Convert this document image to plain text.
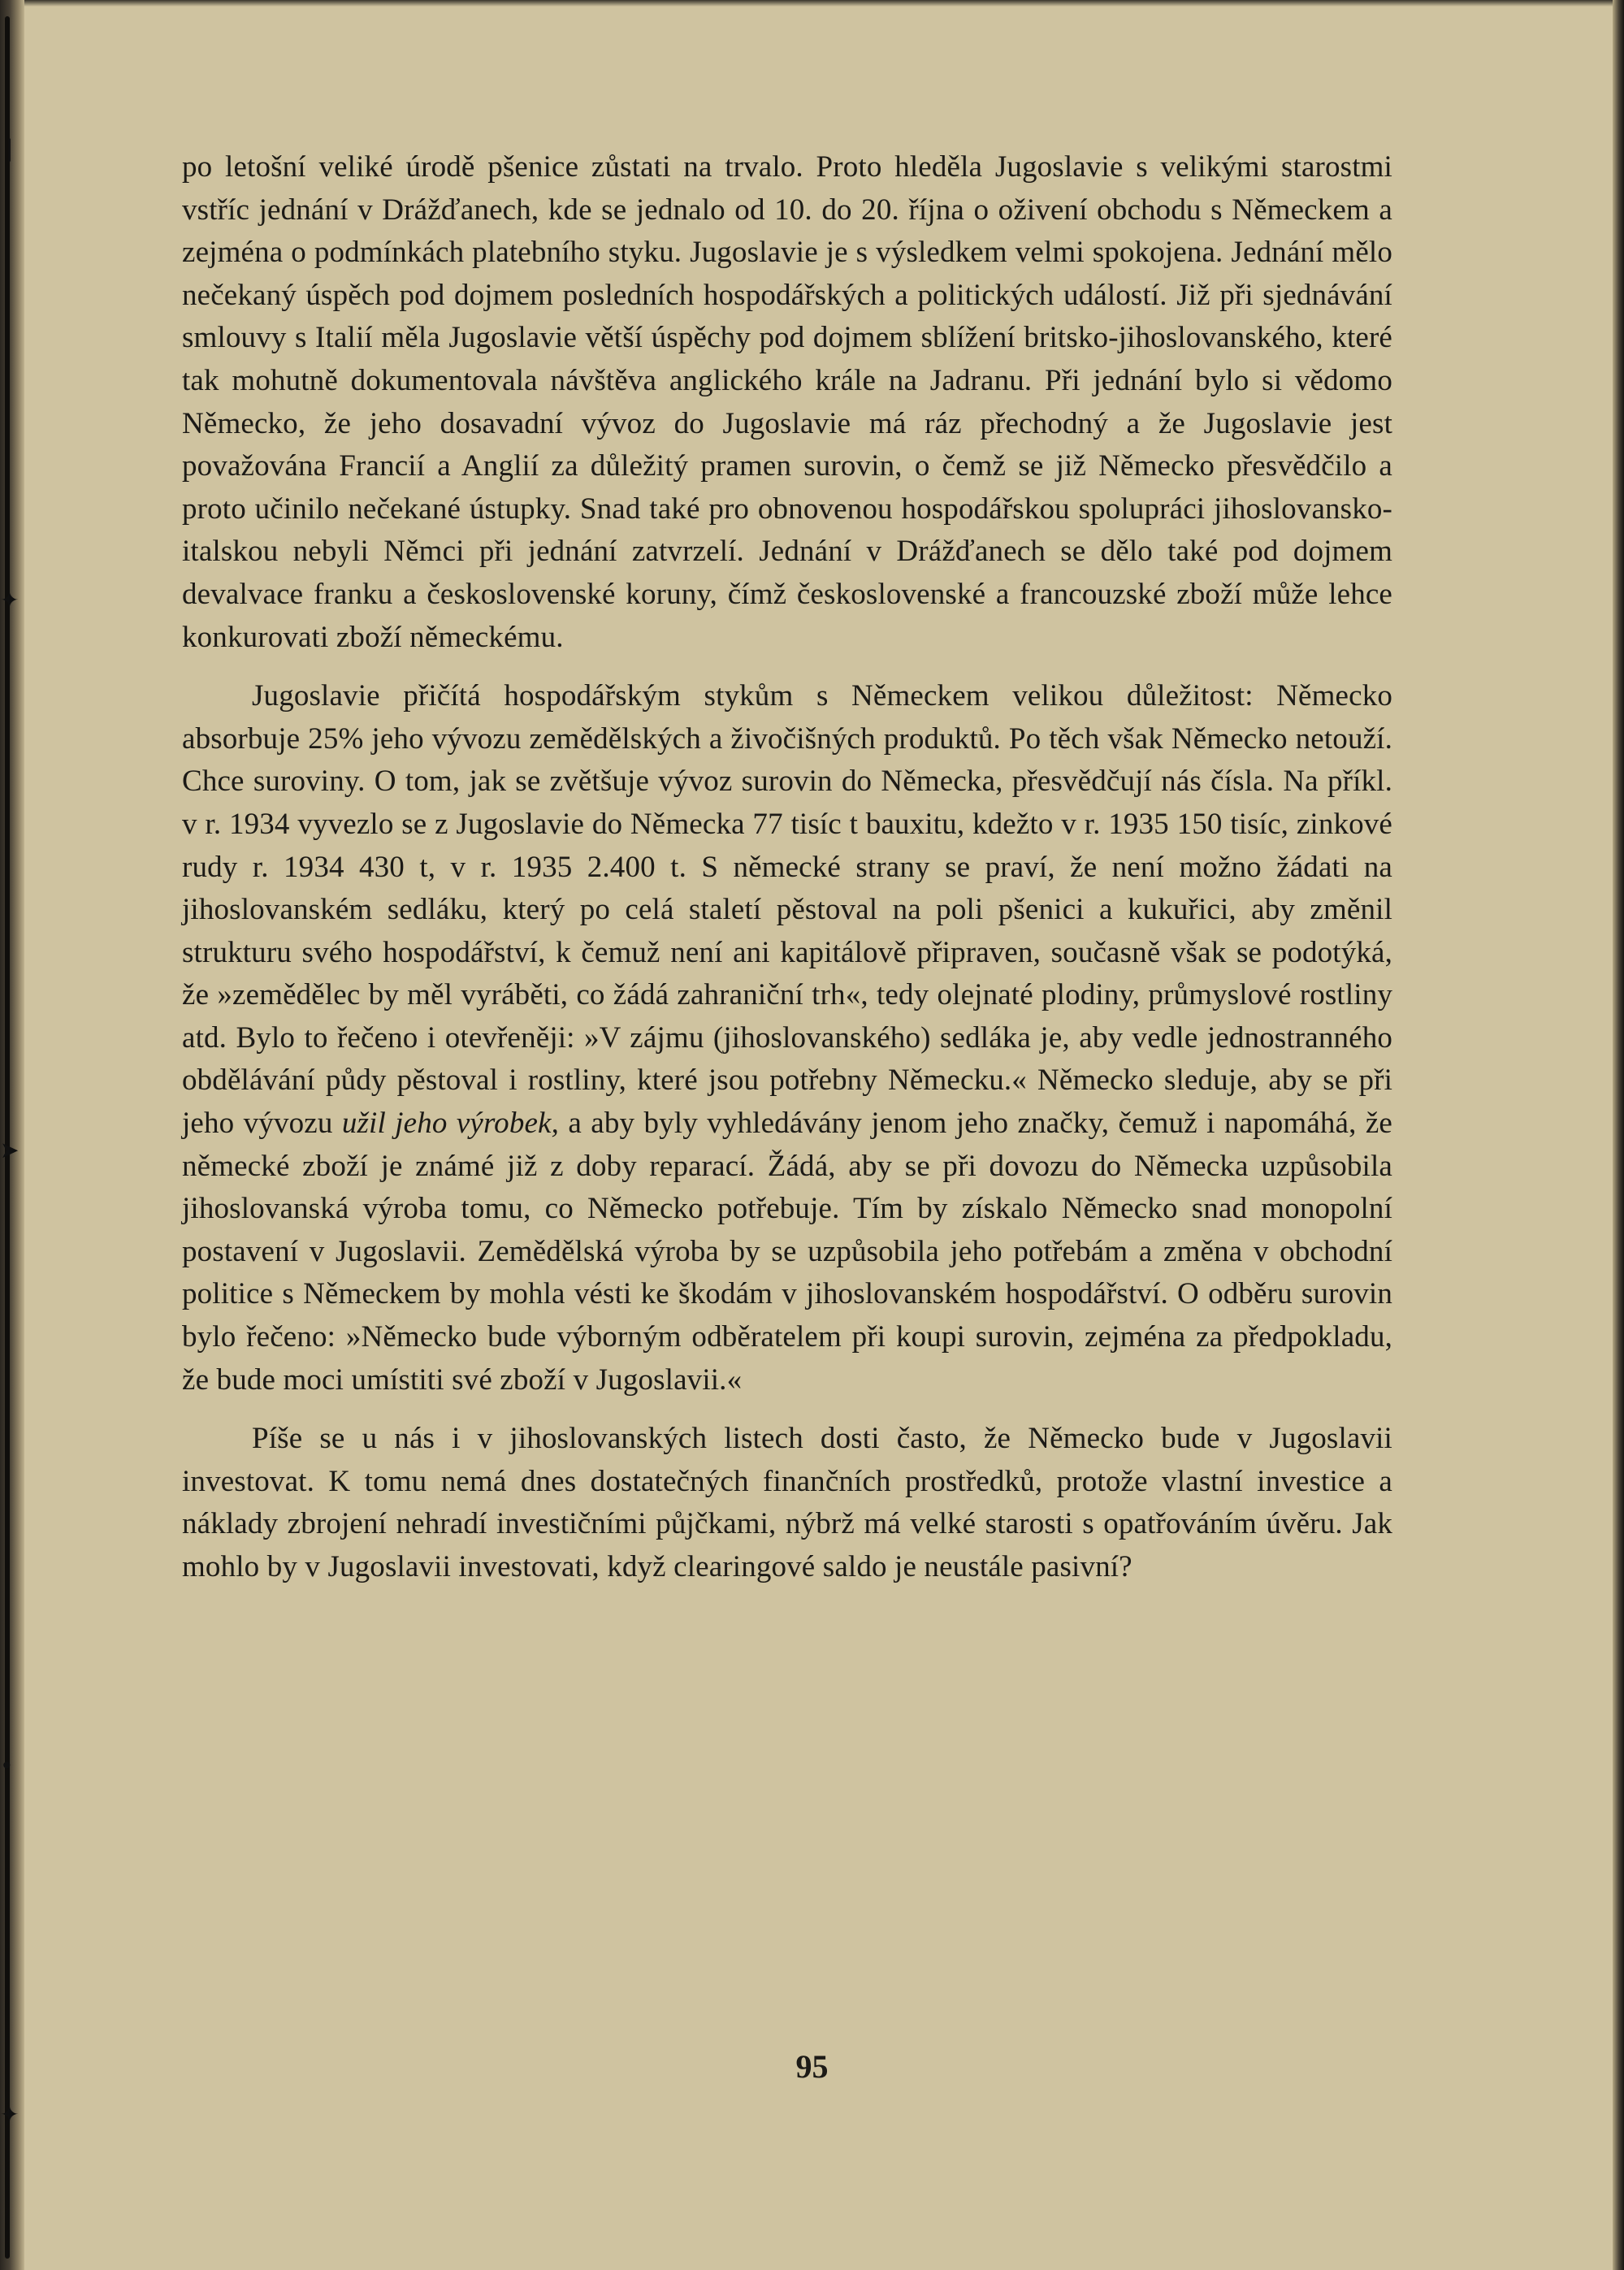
❘
✦
➤
•
✦

po letošní veliké úrodě pšenice zůstati na trvalo. Proto hleděla Jugoslavie s velikými starostmi vstříc jednání v Drážďanech, kde se jednalo od 10. do 20. října o oživení obchodu s Německem a zejména o podmínkách platebního styku. Jugoslavie je s výsledkem velmi spokojena. Jednání mělo nečekaný úspěch pod dojmem posledních hospodářských a politických událostí. Již při sjednávání smlouvy s Italií měla Jugoslavie větší úspěchy pod dojmem sblížení britsko-jihoslovanského, které tak mohutně dokumentovala návštěva anglického krále na Jadranu. Při jednání bylo si vědomo Německo, že jeho dosavadní vývoz do Jugoslavie má ráz přechodný a že Jugoslavie jest považována Francií a Anglií za důležitý pramen surovin, o čemž se již Německo přesvědčilo a proto učinilo nečekané ústupky. Snad také pro obnovenou hospodářskou spolupráci jihoslovansko-italskou nebyli Němci při jednání zatvrzelí. Jednání v Drážďanech se dělo také pod dojmem devalvace franku a československé koruny, čímž československé a francouzské zboží může lehce konkurovati zboží německému.

Jugoslavie přičítá hospodářským stykům s Německem velikou důležitost: Německo absorbuje 25% jeho vývozu zemědělských a živočišných produktů. Po těch však Německo netouží. Chce suroviny. O tom, jak se zvětšuje vývoz surovin do Německa, přesvědčují nás čísla. Na příkl. v r. 1934 vyvezlo se z Jugoslavie do Německa 77 tisíc t bauxitu, kdežto v r. 1935 150 tisíc, zinkové rudy r. 1934 430 t, v r. 1935 2.400 t. S německé strany se praví, že není možno žádati na jihoslovanském sedláku, který po celá staletí pěstoval na poli pšenici a kukuřici, aby změnil strukturu svého hospodářství, k čemuž není ani kapitálově připraven, současně však se podotýká, že »zemědělec by měl vyráběti, co žádá zahraniční trh«, tedy olejnaté plodiny, průmyslové rostliny atd. Bylo to řečeno i otevřeněji: »V zájmu (jihoslovanského) sedláka je, aby vedle jednostranného obdělávání půdy pěstoval i rostliny, které jsou potřebny Německu.« Německo sleduje, aby se při jeho vývozu užil jeho výrobek, a aby byly vyhledávány jenom jeho značky, čemuž i napomáhá, že německé zboží je známé již z doby reparací. Žádá, aby se při dovozu do Německa uzpůsobila jihoslovanská výroba tomu, co Německo potřebuje. Tím by získalo Německo snad monopolní postavení v Jugoslavii. Zemědělská výroba by se uzpůsobila jeho potřebám a změna v obchodní politice s Německem by mohla vésti ke škodám v jihoslovanském hospodářství. O odběru surovin bylo řečeno: »Německo bude výborným odběratelem při koupi surovin, zejména za předpokladu, že bude moci umístiti své zboží v Jugoslavii.«

Píše se u nás i v jihoslovanských listech dosti často, že Německo bude v Jugoslavii investovat. K tomu nemá dnes dostatečných finančních prostředků, protože vlastní investice a náklady zbrojení nehradí investičními půjčkami, nýbrž má velké starosti s opatřováním úvěru. Jak mohlo by v Jugoslavii investovati, když clearingové saldo je neustále pasivní?

95
